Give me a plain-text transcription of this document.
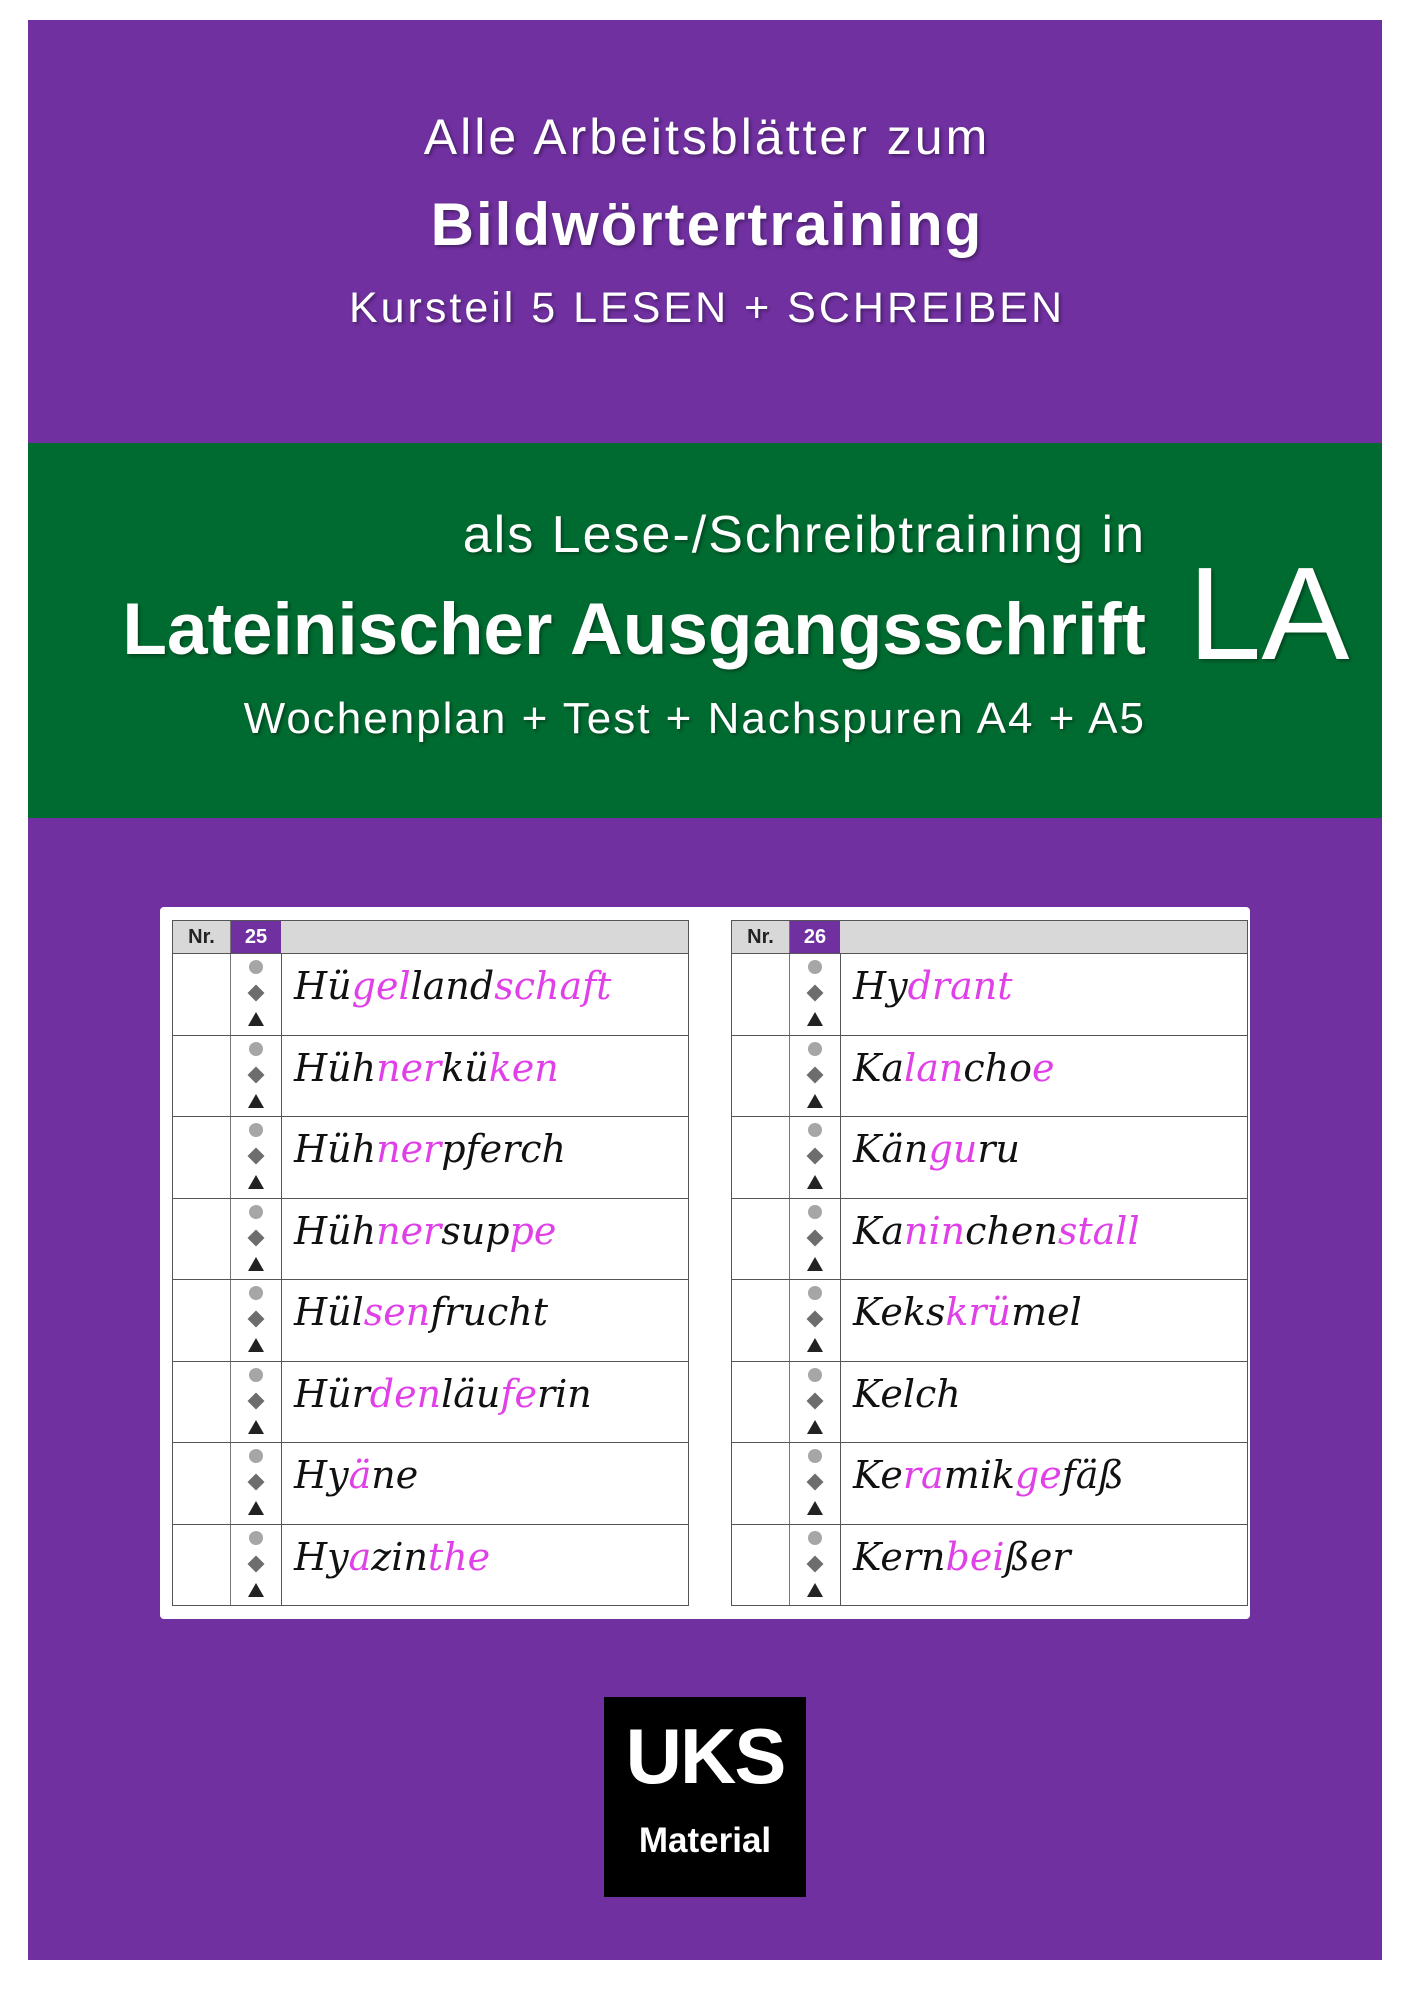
Alle Arbeitsblätter zum
Bildwörtertraining
Kursteil 5 LESEN + SCHREIBEN
als Lese-/Schreibtraining in
Lateinischer Ausgangsschrift
Wochenplan + Test + Nachspuren A4 + A5
LA
Nr.	25
Hügellandschaft
Hühnerküken
Hühnerpferch
Hühnersuppe
Hülsenfrucht
Hürdenläuferin
Hyäne
Hyazinthe
Nr.	26
Hydrant
Kalanchoe
Känguru
Kaninchenstall
Kekskrümel
Kelch
Keramikgefäß
Kernbeißer
UKS
Material
